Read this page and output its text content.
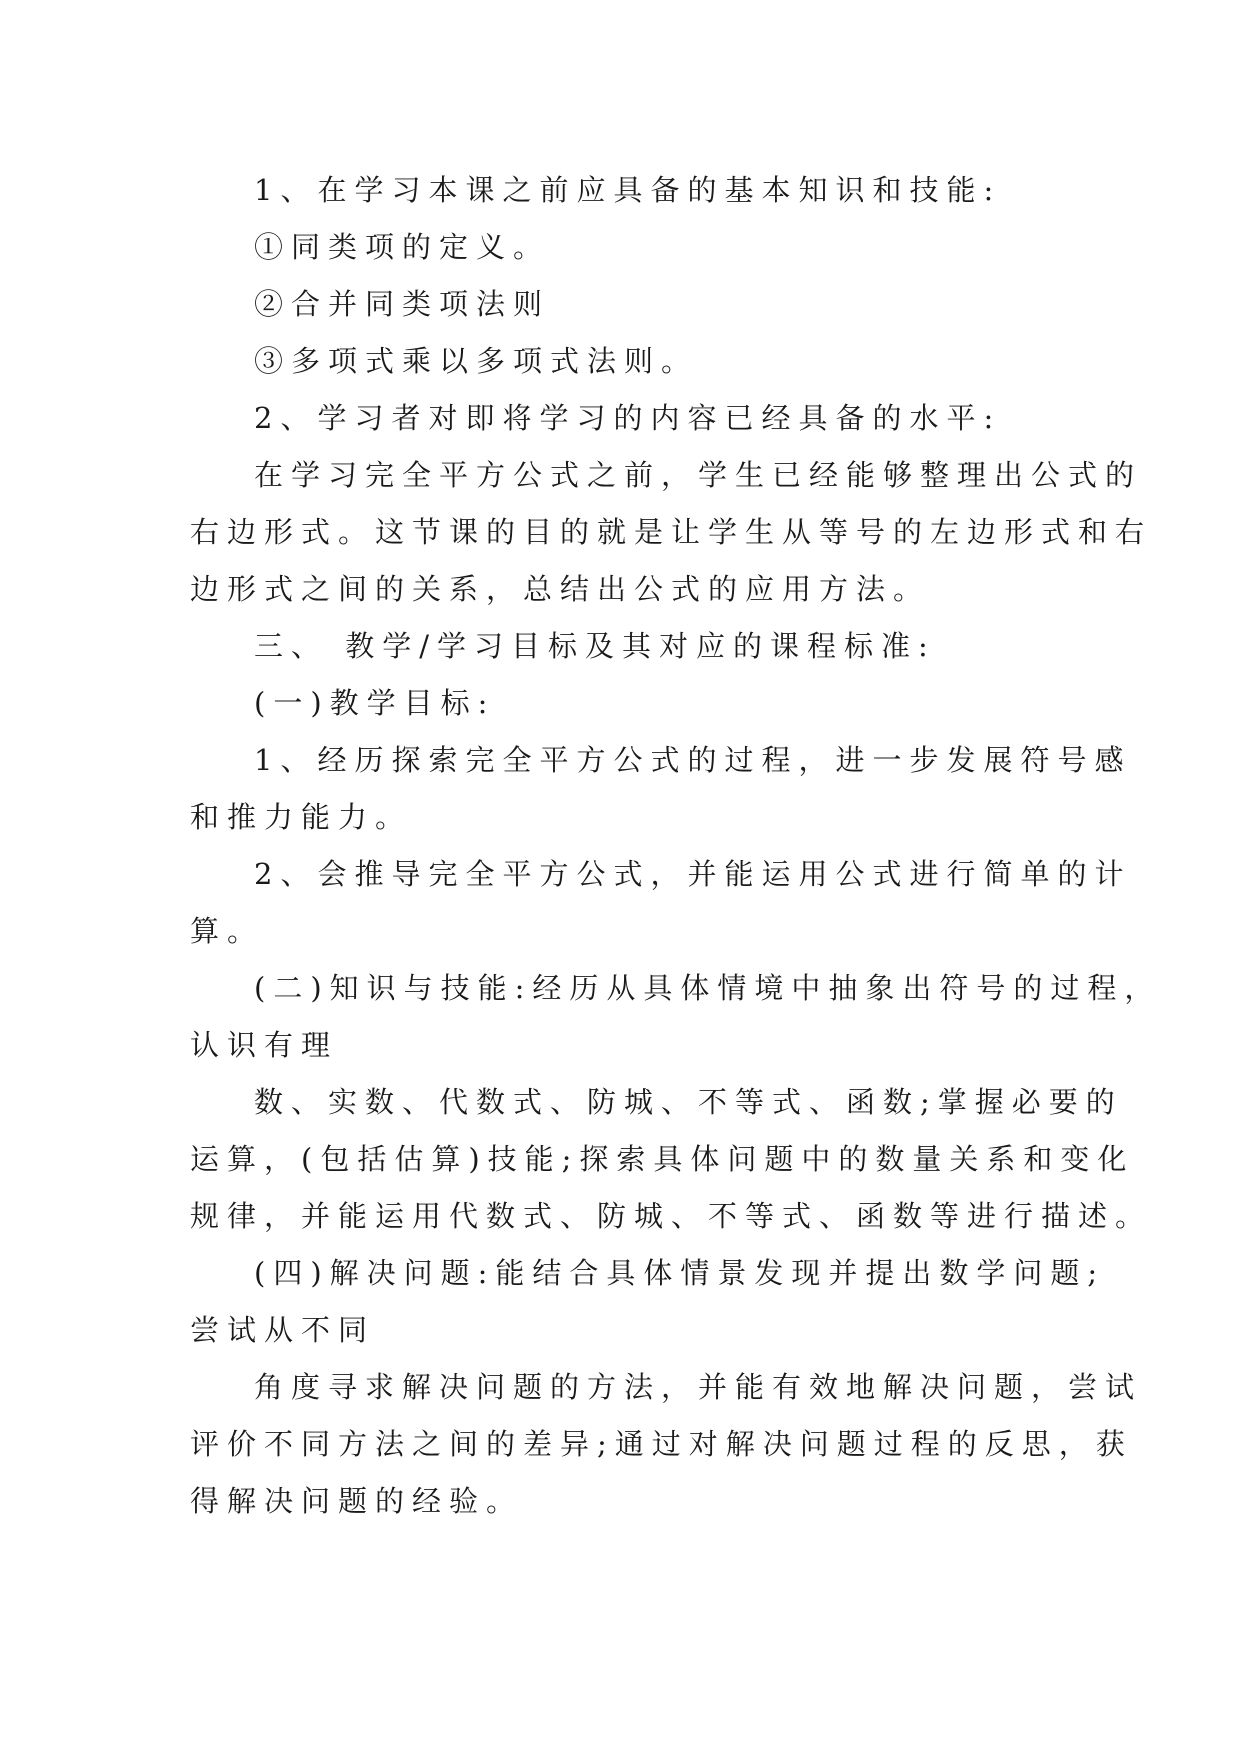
1、在学习本课之前应具备的基本知识和技能:
①同类项的定义。
②合并同类项法则
③多项式乘以多项式法则。
2、学习者对即将学习的内容已经具备的水平:
在学习完全平方公式之前，学生已经能够整理出公式的
右边形式。这节课的目的就是让学生从等号的左边形式和右
边形式之间的关系，总结出公式的应用方法。
三、 教学/学习目标及其对应的课程标准:
(一)教学目标:
1、经历探索完全平方公式的过程，进一步发展符号感
和推力能力。
2、会推导完全平方公式，并能运用公式进行简单的计
算。
(二)知识与技能:经历从具体情境中抽象出符号的过程，
认识有理
数、实数、代数式、防城、不等式、函数;掌握必要的
运算，(包括估算)技能;探索具体问题中的数量关系和变化
规律，并能运用代数式、防城、不等式、函数等进行描述。
(四)解决问题:能结合具体情景发现并提出数学问题;
尝试从不同
角度寻求解决问题的方法，并能有效地解决问题，尝试
评价不同方法之间的差异;通过对解决问题过程的反思，获
得解决问题的经验。
